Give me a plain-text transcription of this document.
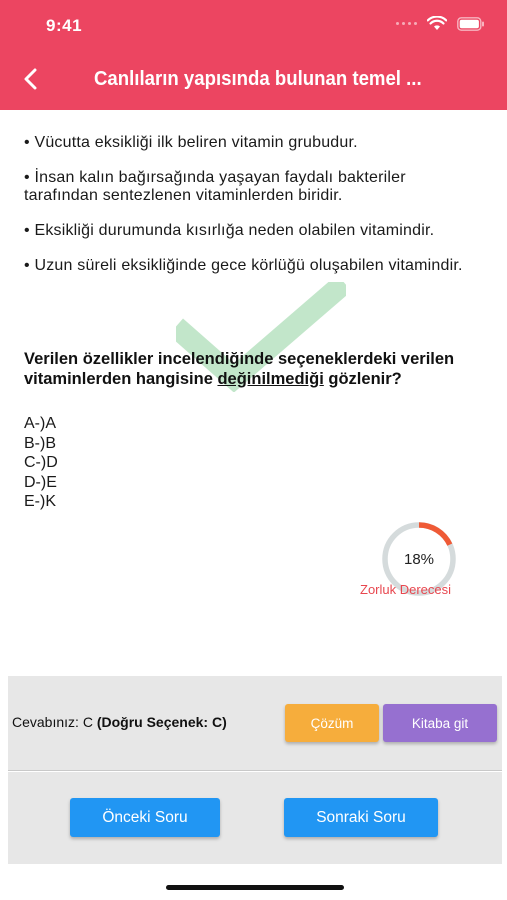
9:41
Canlıların yapısında bulunan temel ...
• Vücutta eksikliği ilk beliren vitamin grubudur.
• İnsan kalın bağırsağında yaşayan faydalı bakteriler tarafından sentezlenen vitaminlerden biridir.
• Eksikliği durumunda kısırlığa neden olabilen vitamindir.
• Uzun süreli eksikliğinde gece körlüğü oluşabilen vitamindir.
Verilen özellikler incelendiğinde seçeneklerdeki verilen vitaminlerden hangisine değinilmediği gözlenir?
A-)A
B-)B
C-)D
D-)E
E-)K
18%
Zorluk Derecesi
Cevabınız: C (Doğru Seçenek: C)	Çözüm	Kitaba git
Önceki Soru	Sonraki Soru
